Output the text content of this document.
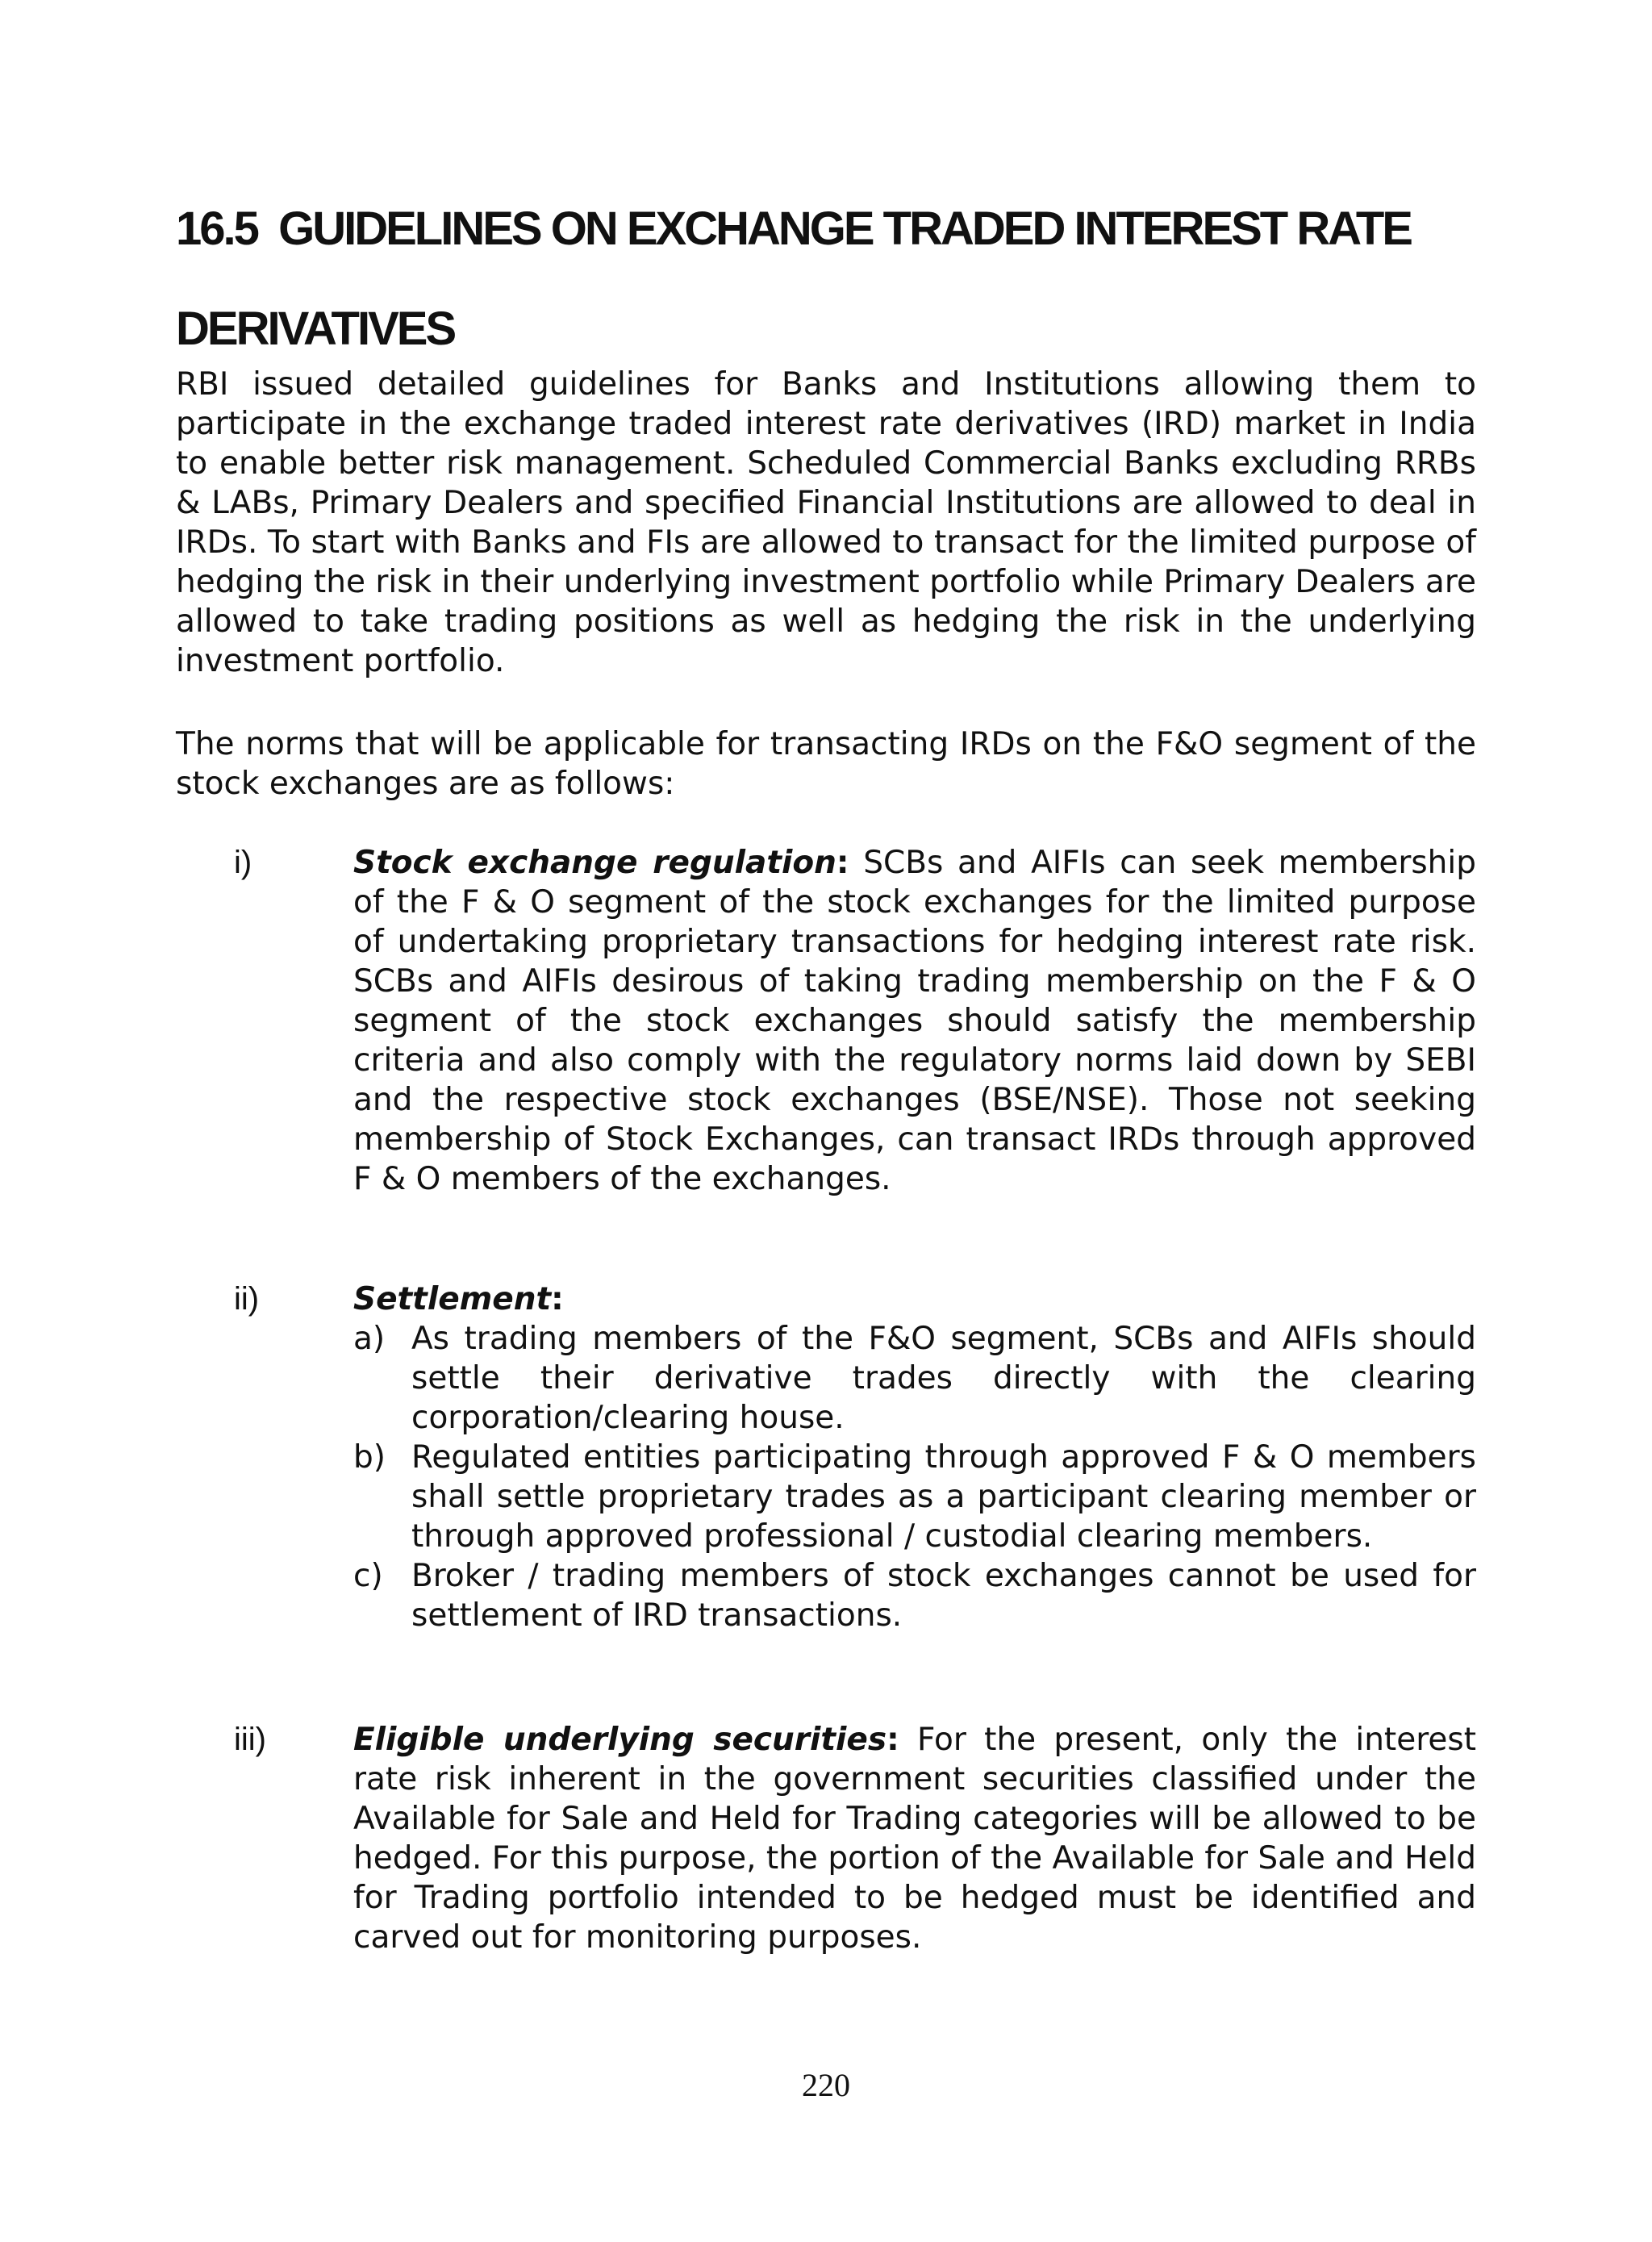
16.5 GUIDELINES ON EXCHANGE TRADED INTEREST RATE DERIVATIVES

RBI issued detailed guidelines for Banks and Institutions allowing them to participate in the exchange traded interest rate derivatives (IRD) market in India to enable better risk management. Scheduled Commercial Banks excluding RRBs & LABs, Primary Dealers and specified Financial Institutions are allowed to deal in IRDs. To start with Banks and FIs are allowed to transact for the limited purpose of hedging the risk in their underlying investment portfolio while Primary Dealers are allowed to take trading positions as well as hedging the risk in the underlying investment portfolio.

The norms that will be applicable for transacting IRDs on the F&O segment of the stock exchanges are as follows:

i)	Stock exchange regulation: SCBs and AIFIs can seek membership of the F & O segment of the stock exchanges for the limited purpose of undertaking proprietary transactions for hedging interest rate risk. SCBs and AIFIs desirous of taking trading membership on the F & O segment of the stock exchanges should satisfy the membership criteria and also comply with the regulatory norms laid down by SEBI and the respective stock exchanges (BSE/NSE). Those not seeking membership of Stock Exchanges, can transact IRDs through approved F & O members of the exchanges.
ii)	Settlement:
a) As trading members of the F&O segment, SCBs and AIFIs should settle their derivative trades directly with the clearing corporation/clearing house.
b) Regulated entities participating through approved F & O members shall settle proprietary trades as a participant clearing member or through approved professional / custodial clearing members.
c) Broker / trading members of stock exchanges cannot be used for settlement of IRD transactions.
iii)	Eligible underlying securities: For the present, only the interest rate risk inherent in the government securities classified under the Available for Sale and Held for Trading categories will be allowed to be hedged. For this purpose, the portion of the Available for Sale and Held for Trading portfolio intended to be hedged must be identified and carved out for monitoring purposes.
220
